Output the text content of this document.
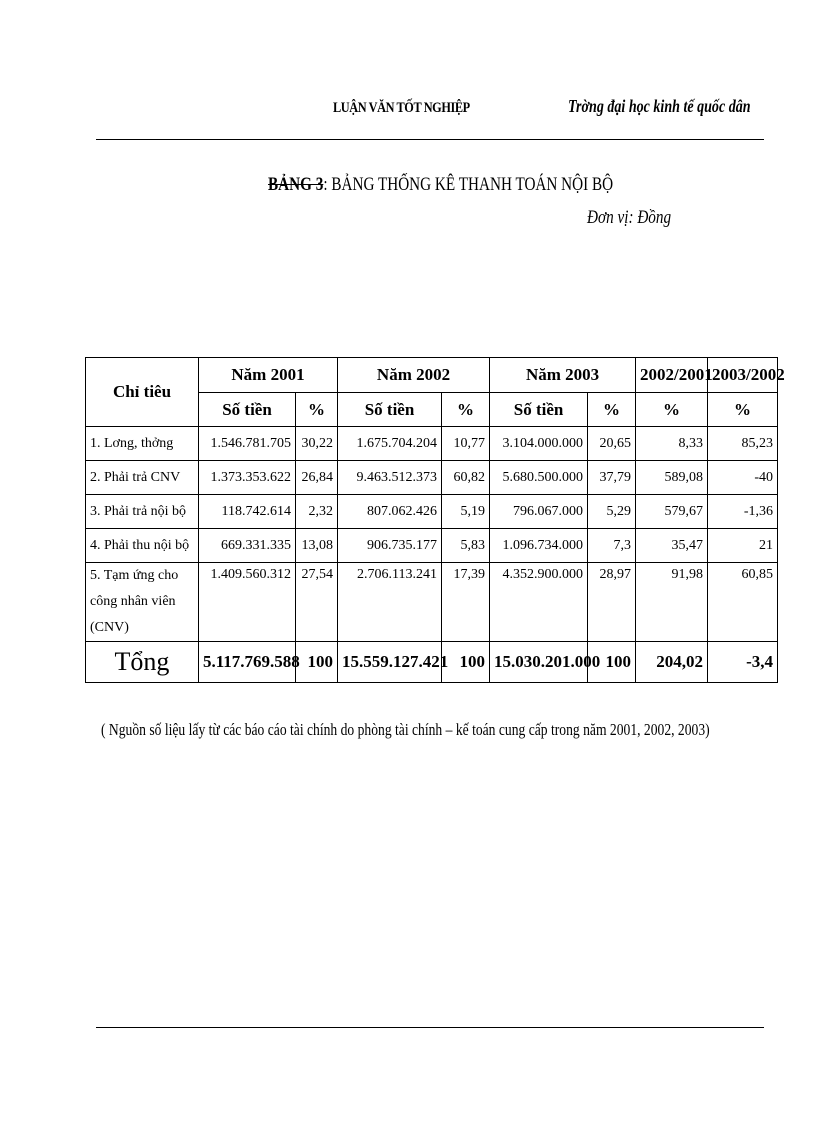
LUẬN VĂN TỐT NGHIỆP	Trờng đại học kinh tế quốc dân
BẢNG 3: BẢNG THỐNG KÊ THANH TOÁN NỘI BỘ
Đơn vị: Đồng
Chỉ tiêu	Năm 2001		Năm 2002		Năm 2003		2002/2001	2003/2002
	Số tiền	%	Số tiền	%	Số tiền	%	%	%
1. Lơng, thởng	1.546.781.705	30,22	1.675.704.204	10,77	3.104.000.000	20,65	8,33	85,23
2. Phải trả CNV	1.373.353.622	26,84	9.463.512.373	60,82	5.680.500.000	37,79	589,08	-40
3. Phải trả nội bộ	118.742.614	2,32	807.062.426	5,19	796.067.000	5,29	579,67	-1,36
4. Phải thu nội bộ	669.331.335	13,08	906.735.177	5,83	1.096.734.000	7,3	35,47	21
5. Tạm ứng cho công nhân viên (CNV)	1.409.560.312	27,54	2.706.113.241	17,39	4.352.900.000	28,97	91,98	60,85
Tổng	5.117.769.588	100	15.559.127.421	100	15.030.201.000	100	204,02	-3,4
( Nguồn số liệu lấy từ các báo cáo tài chính do phòng tài chính – kế toán cung cấp trong năm 2001, 2002, 2003)
